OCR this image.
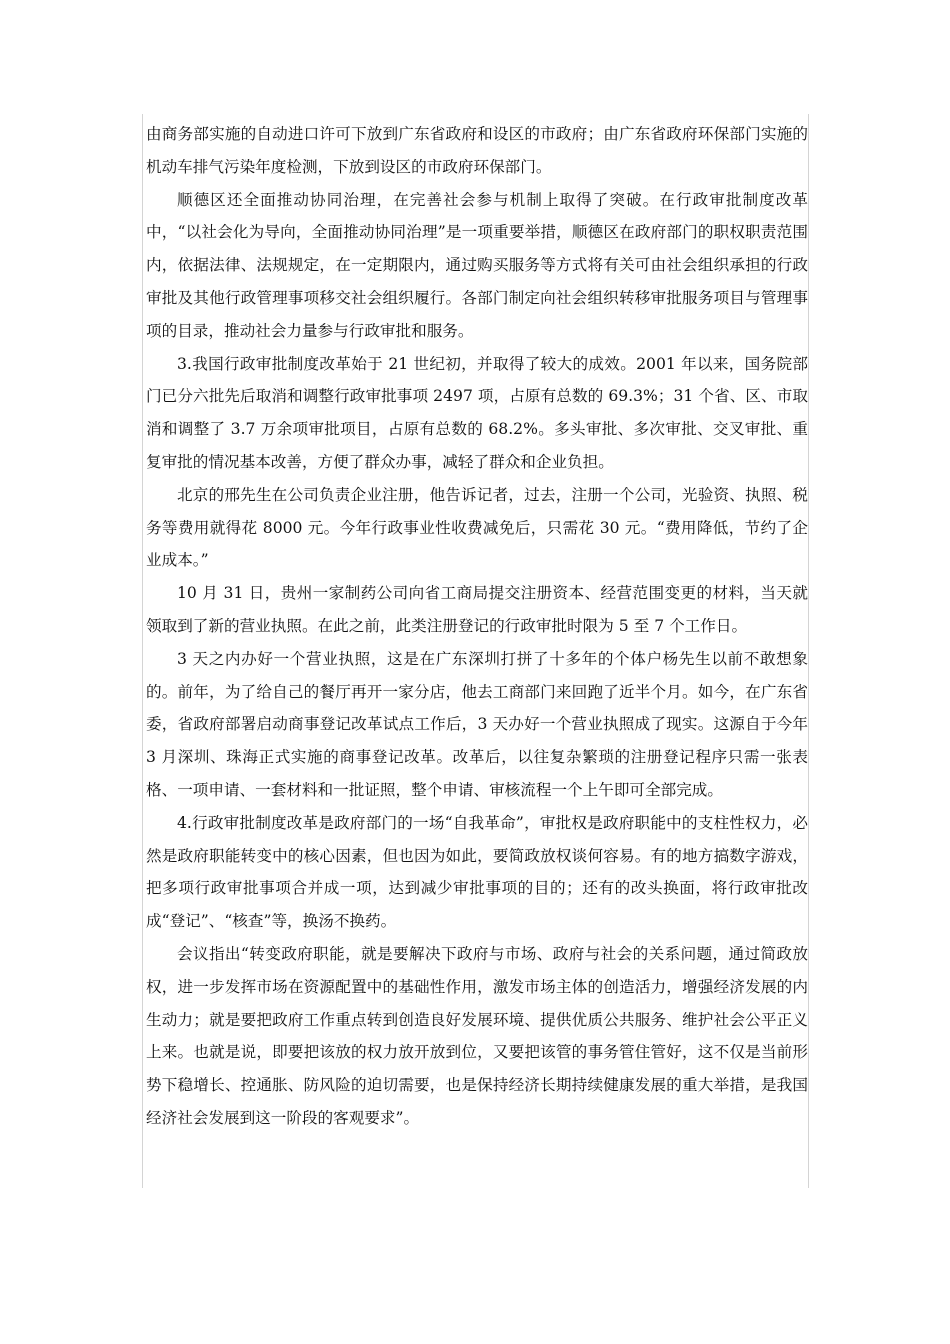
由商务部实施的自动进口许可下放到广东省政府和设区的市政府；由广东省政府环保部门实施的机动车排气污染年度检测，下放到设区的市政府环保部门。

顺德区还全面推动协同治理，在完善社会参与机制上取得了突破。在行政审批制度改革中，“以社会化为导向，全面推动协同治理”是一项重要举措，顺德区在政府部门的职权职责范围内，依据法律、法规规定，在一定期限内，通过购买服务等方式将有关可由社会组织承担的行政审批及其他行政管理事项移交社会组织履行。各部门制定向社会组织转移审批服务项目与管理事项的目录，推动社会力量参与行政审批和服务。

3.我国行政审批制度改革始于 21 世纪初，并取得了较大的成效。2001 年以来，国务院部门已分六批先后取消和调整行政审批事项 2497 项，占原有总数的 69.3%；31 个省、区、市取消和调整了 3.7 万余项审批项目，占原有总数的 68.2%。多头审批、多次审批、交叉审批、重复审批的情况基本改善，方便了群众办事，减轻了群众和企业负担。

北京的邢先生在公司负责企业注册，他告诉记者，过去，注册一个公司，光验资、执照、税务等费用就得花 8000 元。今年行政事业性收费减免后，只需花 30 元。“费用降低，节约了企业成本。”

10 月 31 日，贵州一家制药公司向省工商局提交注册资本、经营范围变更的材料，当天就领取到了新的营业执照。在此之前，此类注册登记的行政审批时限为 5 至 7 个工作日。

3 天之内办好一个营业执照，这是在广东深圳打拼了十多年的个体户杨先生以前不敢想象的。前年，为了给自己的餐厅再开一家分店，他去工商部门来回跑了近半个月。如今，在广东省委，省政府部署启动商事登记改革试点工作后，3 天办好一个营业执照成了现实。这源自于今年 3 月深圳、珠海正式实施的商事登记改革。改革后，以往复杂繁琐的注册登记程序只需一张表格、一项申请、一套材料和一批证照，整个申请、审核流程一个上午即可全部完成。

4.行政审批制度改革是政府部门的一场“自我革命”，审批权是政府职能中的支柱性权力，必然是政府职能转变中的核心因素，但也因为如此，要简政放权谈何容易。有的地方搞数字游戏，把多项行政审批事项合并成一项，达到减少审批事项的目的；还有的改头换面，将行政审批改成“登记”、“核查”等，换汤不换药。

会议指出“转变政府职能，就是要解决下政府与市场、政府与社会的关系问题，通过简政放权，进一步发挥市场在资源配置中的基础性作用，激发市场主体的创造活力，增强经济发展的内生动力；就是要把政府工作重点转到创造良好发展环境、提供优质公共服务、维护社会公平正义上来。也就是说，即要把该放的权力放开放到位，又要把该管的事务管住管好，这不仅是当前形势下稳增长、控通胀、防风险的迫切需要，也是保持经济长期持续健康发展的重大举措，是我国经济社会发展到这一阶段的客观要求”。
